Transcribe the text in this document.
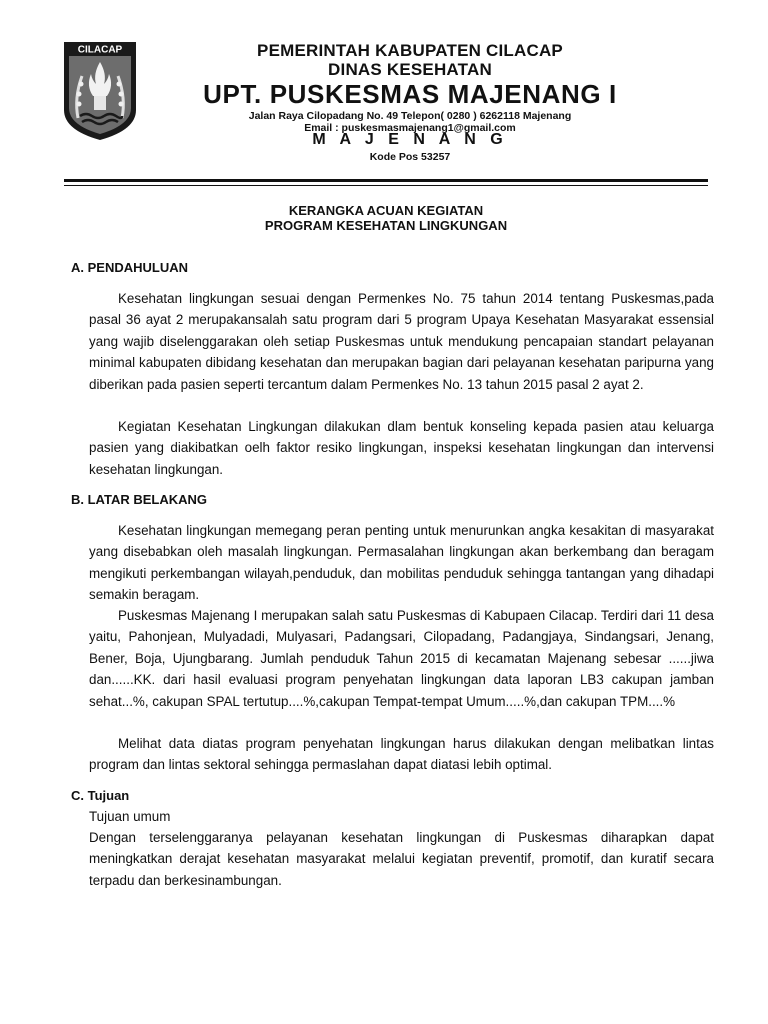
CILACAP	PEMERINTAH KABUPATEN CILACAP
DINAS KESEHATAN
UPT. PUSKESMAS MAJENANG I
Jalan Raya Cilopadang No. 49 Telepon( 0280 ) 6262118 Majenang
Email : puskesmasmajenang1@gmail.com
M A J E N A N G
Kode Pos 53257
KERANGKA ACUAN KEGIATAN
PROGRAM KESEHATAN LINGKUNGAN
A. PENDAHULUAN

Kesehatan lingkungan sesuai dengan Permenkes No. 75 tahun 2014 tentang Puskesmas,pada pasal 36 ayat 2 merupakansalah satu program dari 5 program Upaya Kesehatan Masyarakat essensial yang wajib diselenggarakan oleh setiap Puskesmas untuk mendukung pencapaian standart pelayanan minimal kabupaten dibidang kesehatan dan merupakan bagian dari pelayanan kesehatan paripurna yang diberikan pada pasien seperti tercantum dalam Permenkes No. 13 tahun 2015 pasal 2 ayat 2.

Kegiatan Kesehatan Lingkungan dilakukan dlam bentuk konseling kepada pasien atau keluarga pasien yang diakibatkan oelh faktor resiko lingkungan, inspeksi kesehatan lingkungan dan intervensi kesehatan lingkungan.

B. LATAR BELAKANG

Kesehatan lingkungan memegang peran penting untuk menurunkan angka kesakitan di masyarakat yang disebabkan oleh masalah lingkungan. Permasalahan lingkungan akan berkembang dan beragam mengikuti perkembangan wilayah,penduduk, dan mobilitas penduduk sehingga tantangan yang dihadapi semakin beragam.

Puskesmas Majenang I merupakan salah satu Puskesmas di Kabupaen Cilacap. Terdiri dari 11 desa yaitu, Pahonjean, Mulyadadi, Mulyasari, Padangsari, Cilopadang, Padangjaya, Sindangsari, Jenang, Bener, Boja, Ujungbarang. Jumlah penduduk Tahun 2015 di kecamatan Majenang sebesar ......jiwa dan......KK. dari hasil evaluasi program penyehatan lingkungan data laporan LB3 cakupan jamban sehat...%, cakupan SPAL tertutup....%,cakupan Tempat-tempat Umum.....%,dan cakupan TPM....%

Melihat data diatas program penyehatan lingkungan harus dilakukan dengan melibatkan lintas program dan lintas sektoral sehingga permaslahan dapat diatasi lebih optimal.

C. Tujuan

Tujuan umum

Dengan terselenggaranya pelayanan kesehatan lingkungan di Puskesmas diharapkan dapat meningkatkan derajat kesehatan masyarakat melalui kegiatan preventif, promotif, dan kuratif secara terpadu dan berkesinambungan.
